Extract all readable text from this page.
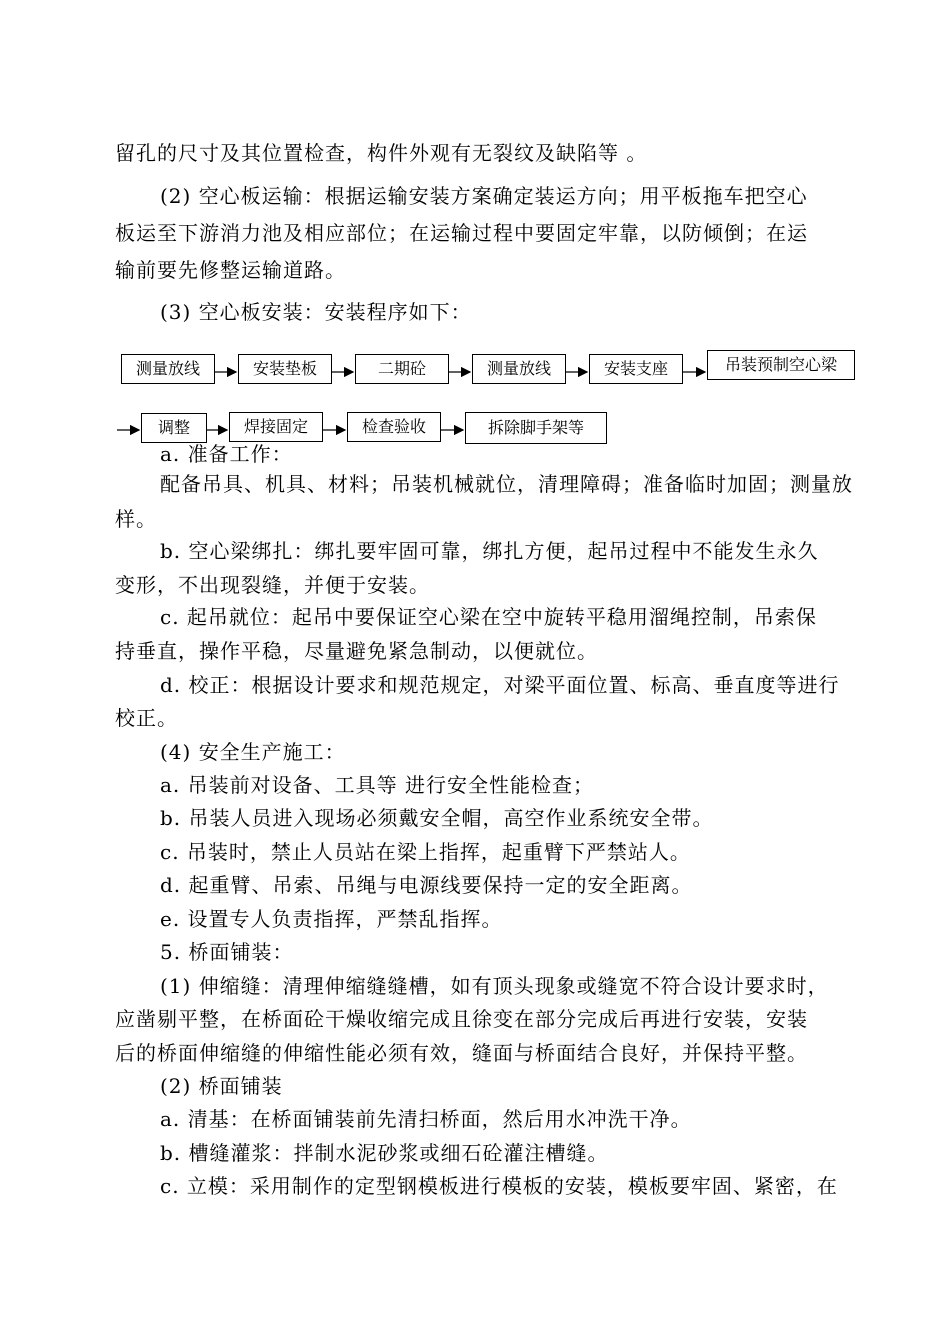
留孔的尺寸及其位置检查，构件外观有无裂纹及缺陷等 。
(2) 空心板运输：根据运输安装方案确定装运方向；用平板拖车把空心
板运至下游消力池及相应部位；在运输过程中要固定牢靠，以防倾倒；在运
输前要先修整运输道路。
(3) 空心板安装：安装程序如下：
测量放线	安装垫板	二期砼	测量放线	安装支座	吊装预制空心梁
调整	焊接固定	检查验收	拆除脚手架等
a. 准备工作：
配备吊具、机具、材料；吊装机械就位，清理障碍；准备临时加固；测量放
样。
b. 空心梁绑扎：绑扎要牢固可靠，绑扎方便，起吊过程中不能发生永久
变形，不出现裂缝，并便于安装。
c. 起吊就位：起吊中要保证空心梁在空中旋转平稳用溜绳控制，吊索保
持垂直，操作平稳，尽量避免紧急制动，以便就位。
d. 校正：根据设计要求和规范规定，对梁平面位置、标高、垂直度等进行
校正。
(4) 安全生产施工：
a. 吊装前对设备、工具等 进行安全性能检查；
b. 吊装人员进入现场必须戴安全帽，高空作业系统安全带。
c. 吊装时，禁止人员站在梁上指挥，起重臂下严禁站人。
d. 起重臂、吊索、吊绳与电源线要保持一定的安全距离。
e. 设置专人负责指挥，严禁乱指挥。
5. 桥面铺装：
(1) 伸缩缝：清理伸缩缝缝槽，如有顶头现象或缝宽不符合设计要求时，
应凿剔平整，在桥面砼干燥收缩完成且徐变在部分完成后再进行安装，安装
后的桥面伸缩缝的伸缩性能必须有效，缝面与桥面结合良好，并保持平整。
(2) 桥面铺装
a. 清基：在桥面铺装前先清扫桥面，然后用水冲洗干净。
b. 槽缝灌浆：拌制水泥砂浆或细石砼灌注槽缝。
c. 立模：采用制作的定型钢模板进行模板的安装，模板要牢固、紧密，在
